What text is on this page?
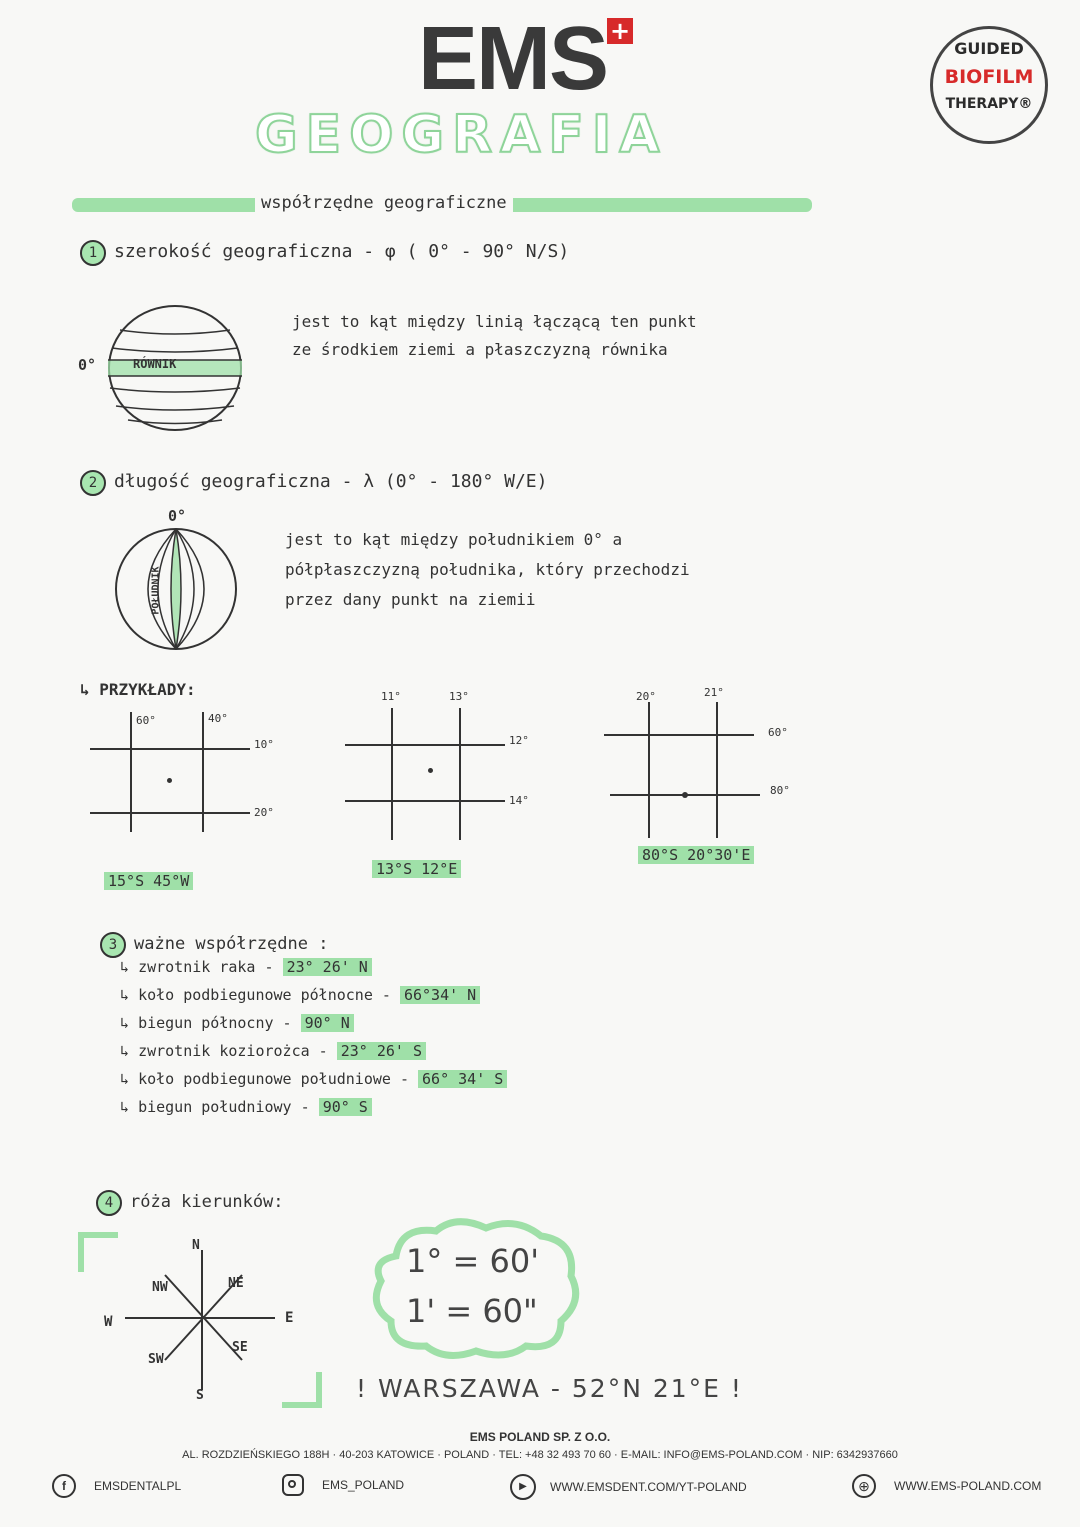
EMS +
GUIDED
BIOFILM
THERAPY®
GEOGRAFIA
współrzędne geograficzne
1 szerokość geograficzna - φ ( 0° - 90° N/S)
0°	RÓWNIK
jest to kąt między linią łączącą ten punkt
ze środkiem ziemi a płaszczyzną równika
2 długość geograficzna - λ (0° - 180° W/E)
0°
POŁUDNIK
jest to kąt między południkiem 0° a
półpłaszczyzną południka, który przechodzi
przez dany punkt na ziemii
↳ PRZYKŁADY:
60°	40°
10°
20°
15°S 45°W
11°	13°
12°
14°
13°S 12°E
20°	21°
60°
80°
80°S 20°30'E
3 ważne współrzędne :
↳ zwrotnik raka - 23° 26' N
↳ koło podbiegunowe północne - 66°34' N
↳ biegun północny - 90° N
↳ zwrotnik koziorożca - 23° 26' S
↳ koło podbiegunowe południowe - 66° 34' S
↳ biegun południowy - 90° S
4 róża kierunków:
N
NE
E
SE
S
SW
W
NW
1° = 60'
1' = 60"
! WARSZAWA - 52°N 21°E !
EMS POLAND SP. Z O.O.
AL. ROZDZIEŃSKIEGO 188H · 40-203 KATOWICE · POLAND · TEL: +48 32 493 70 60 · E-MAIL: INFO@EMS-POLAND.COM · NIP: 6342937660
f	EMSDENTALPL	EMS_POLAND	▶	WWW.EMSDENT.COM/YT-POLAND	⊕	WWW.EMS-POLAND.COM
